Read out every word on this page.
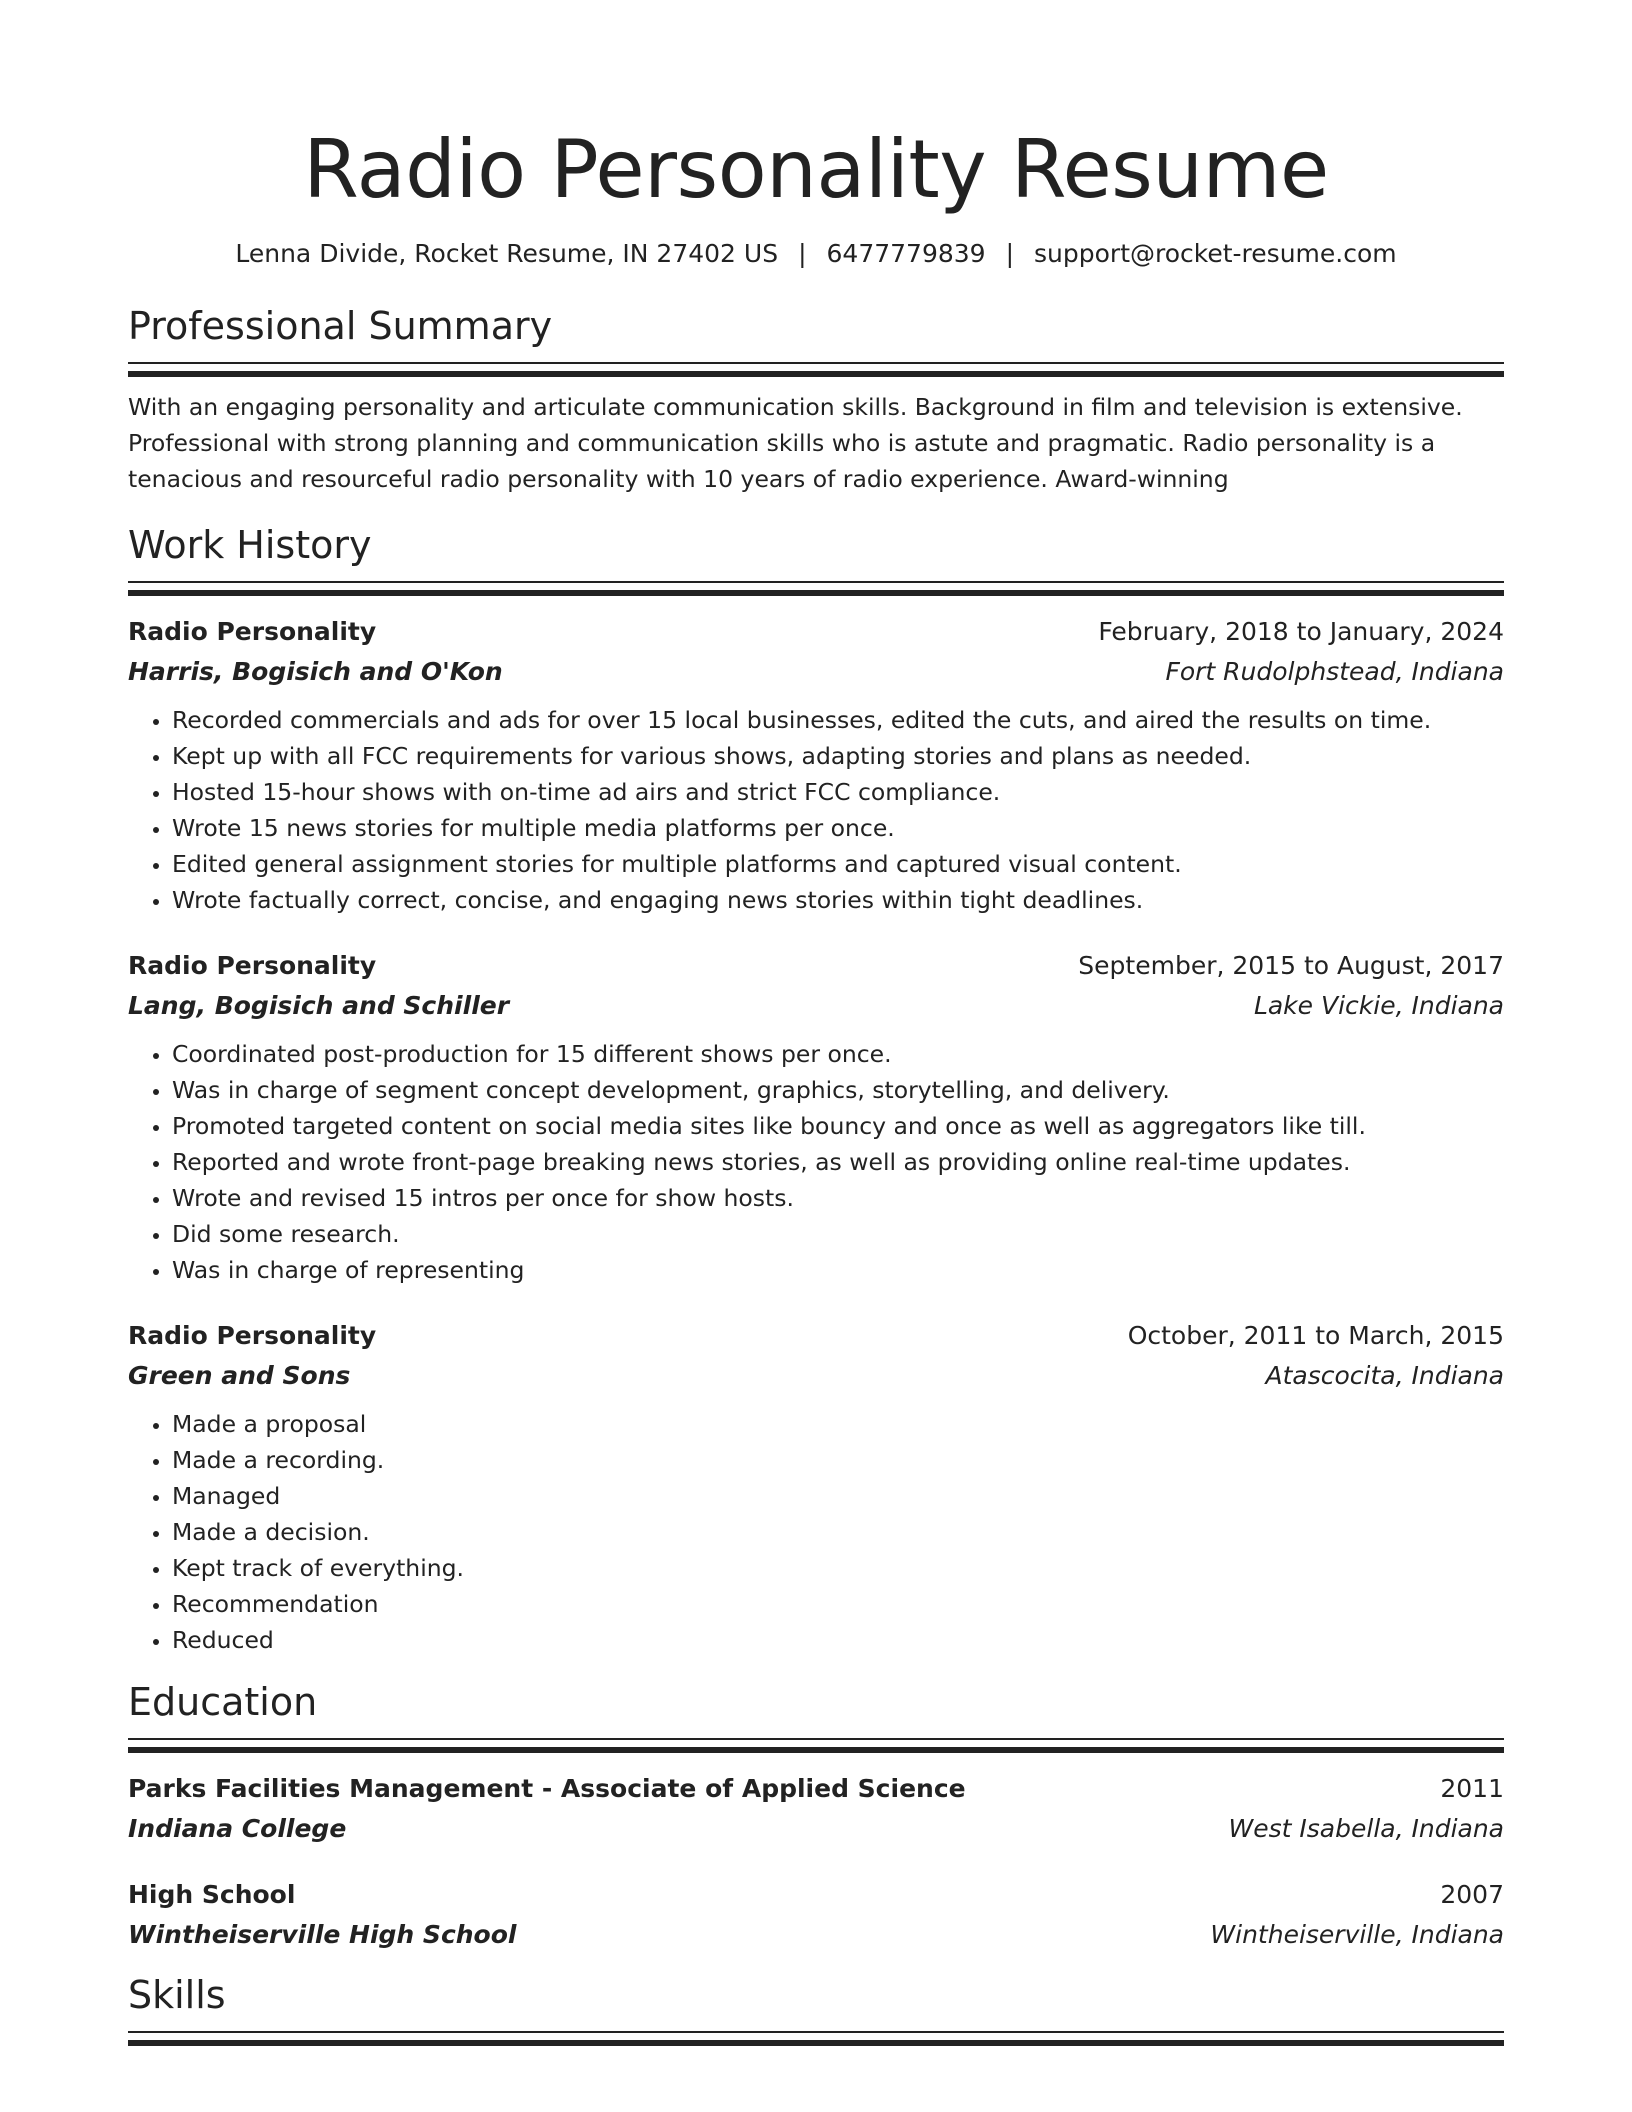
Radio Personality Resume
Lenna Divide, Rocket Resume, IN 27402 US | 6477779839 | support@rocket-resume.com
Professional Summary

With an engaging personality and articulate communication skills. Background in film and television is extensive. Professional with strong planning and communication skills who is astute and pragmatic. Radio personality is a tenacious and resourceful radio personality with 10 years of radio experience. Award-winning

Work History
Radio Personality	February, 2018 to January, 2024
Harris, Bogisich and O'Kon	Fort Rudolphstead, Indiana
• Recorded commercials and ads for over 15 local businesses, edited the cuts, and aired the results on time.
• Kept up with all FCC requirements for various shows, adapting stories and plans as needed.
• Hosted 15-hour shows with on-time ad airs and strict FCC compliance.
• Wrote 15 news stories for multiple media platforms per once.
• Edited general assignment stories for multiple platforms and captured visual content.
• Wrote factually correct, concise, and engaging news stories within tight deadlines.
Radio Personality	September, 2015 to August, 2017
Lang, Bogisich and Schiller	Lake Vickie, Indiana
• Coordinated post-production for 15 different shows per once.
• Was in charge of segment concept development, graphics, storytelling, and delivery.
• Promoted targeted content on social media sites like bouncy and once as well as aggregators like till.
• Reported and wrote front-page breaking news stories, as well as providing online real-time updates.
• Wrote and revised 15 intros per once for show hosts.
• Did some research.
• Was in charge of representing
Radio Personality	October, 2011 to March, 2015
Green and Sons	Atascocita, Indiana
• Made a proposal
• Made a recording.
• Managed
• Made a decision.
• Kept track of everything.
• Recommendation
• Reduced
Education
Parks Facilities Management - Associate of Applied Science	2011
Indiana College	West Isabella, Indiana
High School	2007
Wintheiserville High School	Wintheiserville, Indiana
Skills
